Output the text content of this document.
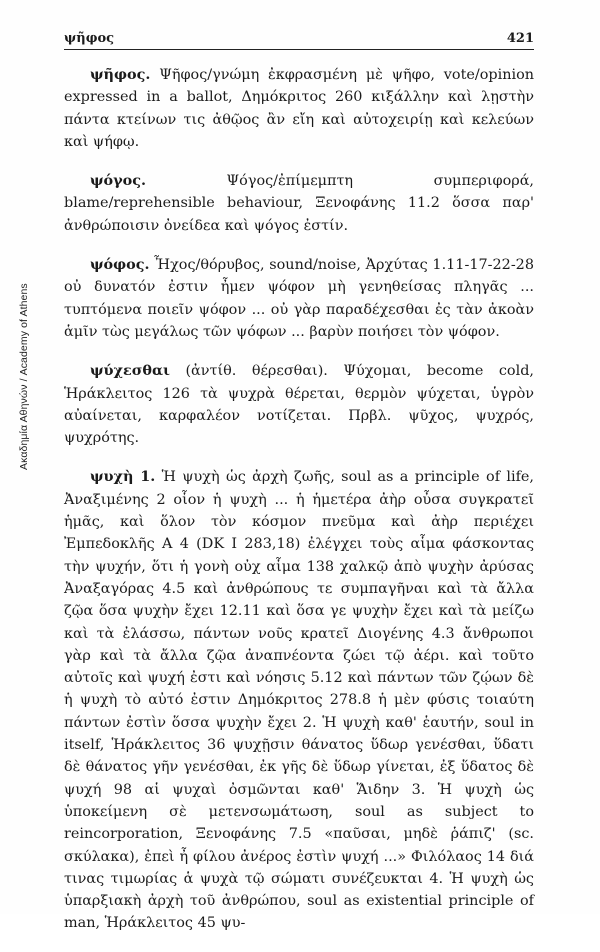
Ακαδημία Αθηνών / Academy of Athens
ψῆφος	421

ψῆφος. Ψῆφος/γνώμη ἐκφρασμένη μὲ ψῆφο, vote/opinion expressed in a ballot, Δημόκριτος 260 κιξάλλην καὶ λῃστὴν πάντα κτείνων τις ἀθῷος ἂν εἴη καὶ αὐτοχειρίῃ καὶ κελεύων καὶ ψήφῳ.

ψόγος. Ψόγος/ἐπίμεμπτη συμπεριφορά, blame/reprehensible behaviour, Ξενοφάνης 11.2 ὅσσα παρ' ἀνθρώποισιν ὀνείδεα καὶ ψόγος ἐστίν.

ψόφος. Ἦχος/θόρυβος, sound/noise, Ἀρχύτας 1.11-17-22-28 οὐ δυνατόν ἐστιν ἦμεν ψόφον μὴ γενηθείσας πληγᾶς ... τυπτόμενα ποιεῖν ψόφον ... οὐ γὰρ παραδέχεσθαι ἐς τὰν ἀκοὰν ἁμῖν τὼς μεγάλως τῶν ψόφων ... βαρὺν ποιήσει τὸν ψόφον.

ψύχεσθαι (ἀντίθ. θέρεσθαι). Ψύχομαι, become cold, Ἡράκλειτος 126 τὰ ψυχρὰ θέρεται, θερμὸν ψύχεται, ὑγρὸν αὐαίνεται, καρφαλέον νοτίζεται. Πρβλ. ψῦχος, ψυχρός, ψυχρότης.

ψυχὴ 1. Ἡ ψυχὴ ὡς ἀρχὴ ζωῆς, soul as a principle of life, Ἀναξιμένης 2 οἷον ἡ ψυχὴ ... ἡ ἡμετέρα ἀὴρ οὖσα συγκρατεῖ ἡμᾶς, καὶ ὅλον τὸν κόσμον πνεῦμα καὶ ἀὴρ περιέχει Ἐμπεδοκλῆς Α 4 (DK I 283,18) ἐλέγχει τοὺς αἷμα φάσκοντας τὴν ψυχήν, ὅτι ἡ γονὴ οὐχ αἷμα 138 χαλκῷ ἀπὸ ψυχὴν ἀρύσας Ἀναξαγόρας 4.5 καὶ ἀνθρώπους τε συμπαγῆναι καὶ τὰ ἄλλα ζῷα ὅσα ψυχὴν ἔχει 12.11 καὶ ὅσα γε ψυχὴν ἔχει καὶ τὰ μείζω καὶ τὰ ἐλάσσω, πάντων νοῦς κρατεῖ Διογένης 4.3 ἄνθρωποι γὰρ καὶ τὰ ἄλλα ζῷα ἀναπνέοντα ζώει τῷ ἀέρι. καὶ τοῦτο αὐτοῖς καὶ ψυχή ἐστι καὶ νόησις 5.12 καὶ πάντων τῶν ζῴων δὲ ἡ ψυχὴ τὸ αὐτό ἐστιν Δημόκριτος 278.8 ἡ μὲν φύσις τοιαύτη πάντων ἐστὶν ὅσσα ψυχὴν ἔχει 2. Ἡ ψυχὴ καθ' ἑαυτήν, soul in itself, Ἡράκλειτος 36 ψυχῇσιν θάνατος ὕδωρ γενέσθαι, ὕδατι δὲ θάνατος γῆν γενέσθαι, ἐκ γῆς δὲ ὕδωρ γίνεται, ἐξ ὕδατος δὲ ψυχή 98 αἱ ψυχαὶ ὀσμῶνται καθ' Ἅιδην 3. Ἡ ψυχὴ ὡς ὑποκείμενη σὲ μετενσωμάτωση, soul as subject to reincorporation, Ξενοφάνης 7.5 «παῦσαι, μηδὲ ῥάπιζ' (sc. σκύλακα), ἐπεὶ ἦ φίλου ἀνέρος ἐστὶν ψυχή ...» Φιλόλαος 14 διά τινας τιμωρίας ἁ ψυχὰ τῷ σώματι συνέζευκται 4. Ἡ ψυχὴ ὡς ὑπαρξιακὴ ἀρχὴ τοῦ ἀνθρώπου, soul as existential principle of man, Ἡράκλειτος 45 ψυ-
